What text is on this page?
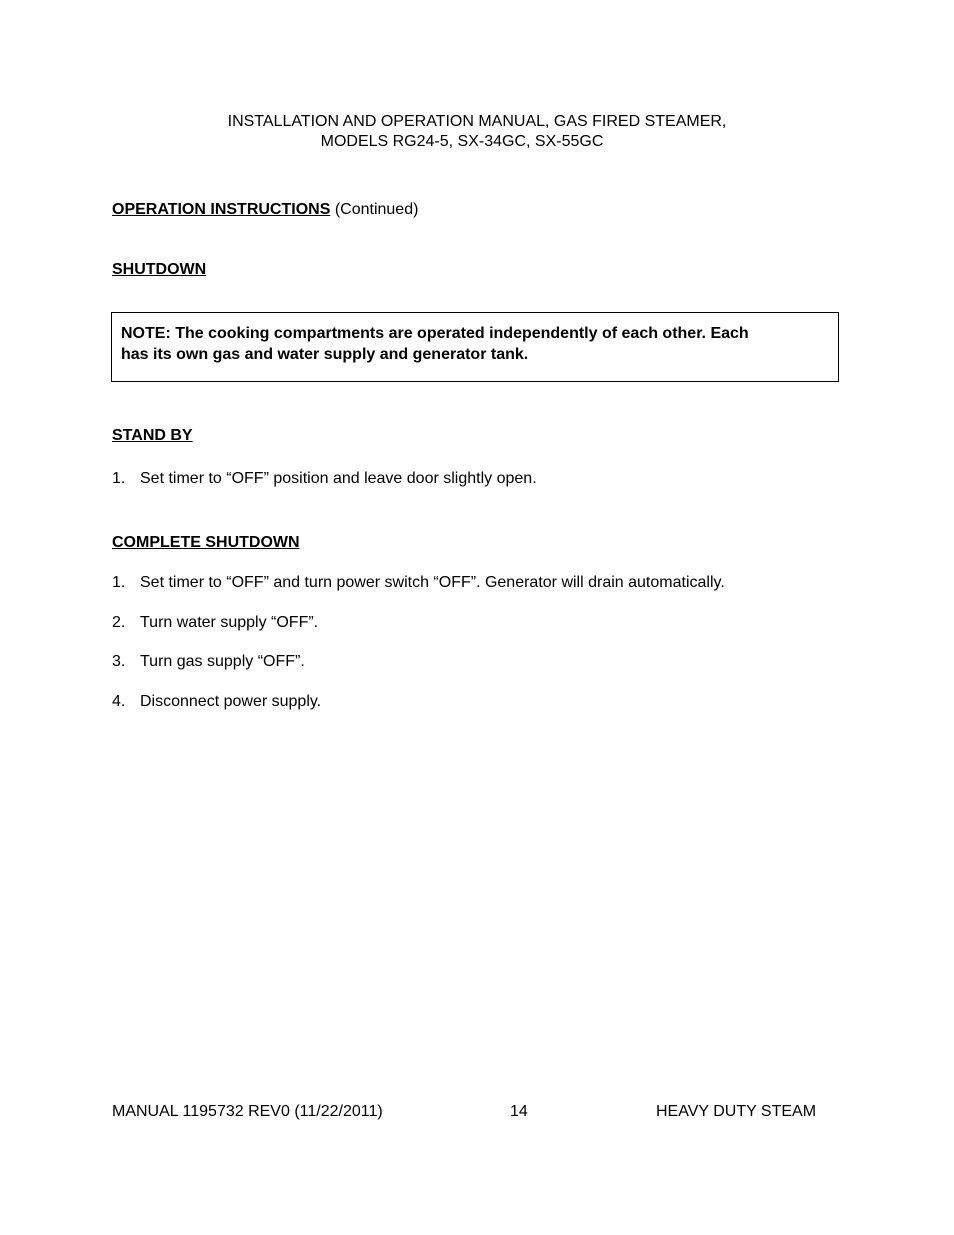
INSTALLATION AND OPERATION MANUAL, GAS FIRED STEAMER,
MODELS RG24-5, SX-34GC, SX-55GC
OPERATION INSTRUCTIONS (Continued)
SHUTDOWN
NOTE: The cooking compartments are operated independently of each other. Each
has its own gas and water supply and generator tank.
STAND BY
1. Set timer to “OFF” position and leave door slightly open.
COMPLETE SHUTDOWN
1. Set timer to “OFF” and turn power switch “OFF”. Generator will drain automatically.
2. Turn water supply “OFF”.
3. Turn gas supply “OFF”.
4. Disconnect power supply.
MANUAL 1195732 REV0 (11/22/2011)	14	HEAVY DUTY STEAM
